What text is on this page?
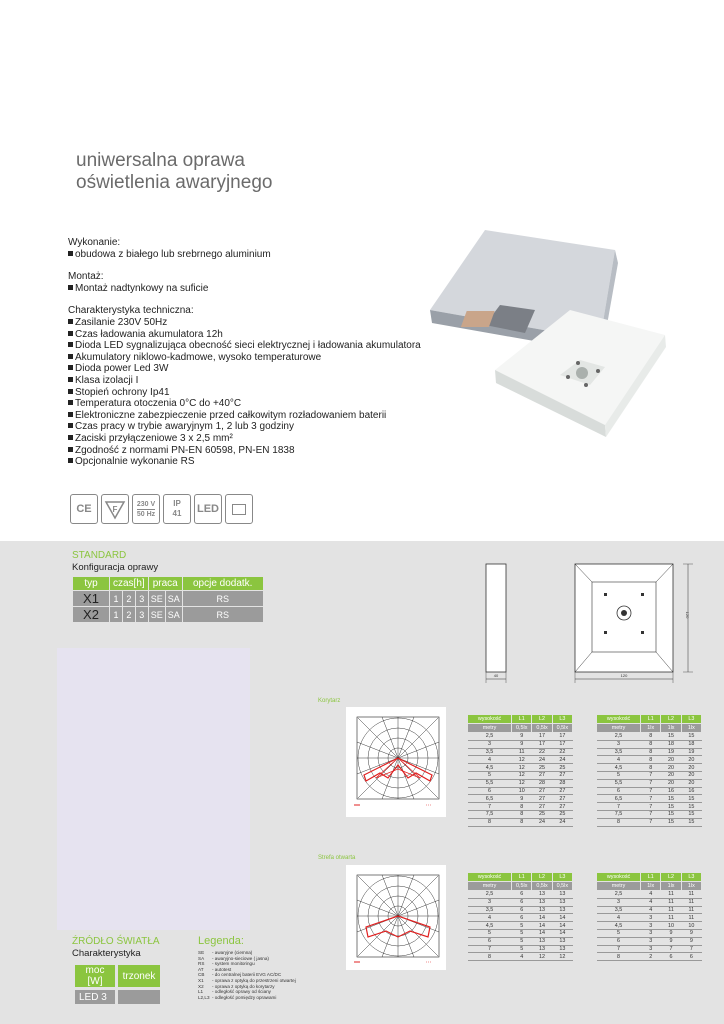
uniwersalna oprawa
oświetlenia awaryjnego
Wykonanie:
obudowa z białego lub srebrnego aluminium
Montaż:
Montaż nadtynkowy na suficie
Charakterystyka techniczna:
Zasilanie 230V 50Hz
Czas ładowania akumulatora 12h
Dioda LED sygnalizująca obecność sieci elektrycznej i ładowania akumulatora
Akumulatory niklowo-kadmowe, wysoko temperaturowe
Dioda power Led 3W
Klasa izolacji I
Stopień ochrony Ip41
Temperatura otoczenia 0°C do +40°C
Elektroniczne zabezpieczenie przed całkowitym rozładowaniem baterii
Czas pracy w trybie awaryjnym 1, 2 lub 3 godziny
Zaciski przyłączeniowe 3 x 2,5 mm²
Zgodność z normami PN-EN 60598, PN-EN 1838
Opcjonalnie wykonanie RS
CE	F
230 V
50 Hz
IP
41 LED
STANDARD
Konfiguracja oprawy
typ	czas[h]			praca		opcje dodatk.
X1	1	2	3	SE	SA	RS
X2	1	2	3	SE	SA	RS
40	120
120
Korytarz
wysokość	L1	L2	L3
metry	0,5lx	0,5lx	0,5lx
2,5	9	17	17
3	9	17	17
3,5	11	22	22
4	12	24	24
4,5	12	25	25
5	12	27	27
5,5	12	28	28
6	10	27	27
6,5	9	27	27
7	8	27	27
7,5	8	25	25
8	8	24	24
wysokość	L1	L2	L3
metry	1lx	1lx	1lx
2,5	8	15	15
3	8	18	18
3,5	8	19	19
4	8	20	20
4,5	8	20	20
5	7	20	20
5,5	7	20	20
6	7	16	16
6,5	7	15	15
7	7	15	15
7,5	7	15	15
8	7	15	15
Strefa otwarta
wysokość	L1	L2	L3
metry	0,5lx	0,5lx	0,5lx
2,5	6	13	13
3	6	13	13
3,5	6	13	13
4	6	14	14
4,5	5	14	14
5	5	14	14
6	5	13	13
7	5	13	13
8	4	12	12
wysokość	L1	L2	L3
metry	1lx	1lx	1lx
2,5	4	11	11
3	4	11	11
3,5	4	11	11
4	3	11	11
4,5	3	10	10
5	3	9	9
6	3	9	9
7	3	7	7
8	2	6	6
ŹRÓDŁO ŚWIATŁA
Charakterystyka
moc [W]	trzonek
LED 3	
Legenda:
SE	- awaryjne (ciemna)
SA	- awaryjno-sieciowe ( jasna)
RS	- system monitoringu
AT	- autotest
CB	- do centralnej baterii EVG AC/DC
X1	- oprawa z optyką do przestrzeni otwartej
X2	- oprawa z optyką do korytarzy
L1	- odległość oprawy od ściany
L2,L3 - odległość pomiędzy oprawami
